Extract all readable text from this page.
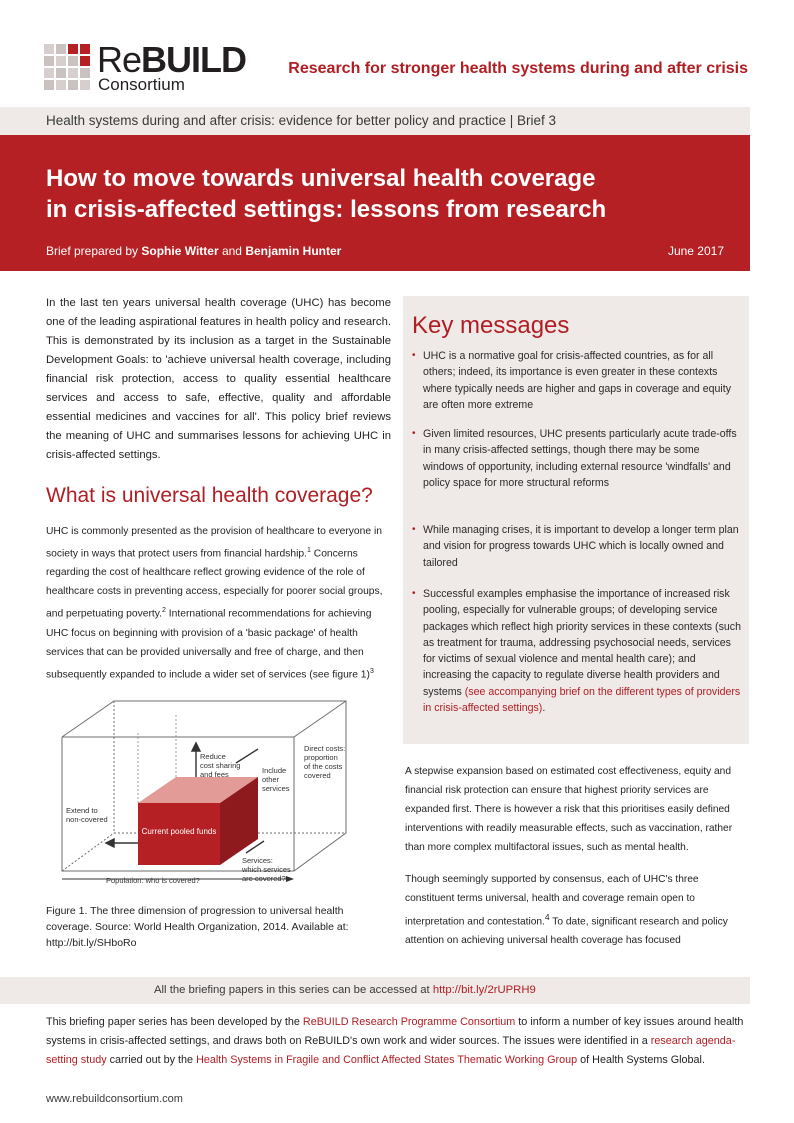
ReBUILD
Consortium
Research for stronger health systems during and after crisis
Health systems during and after crisis: evidence for better policy and practice | Brief 3
How to move towards universal health coverage
in crisis-affected settings: lessons from research
Brief prepared by Sophie Witter and Benjamin Hunter	June 2017
In the last ten years universal health coverage (UHC) has become one of the leading aspirational features in health policy and research. This is demonstrated by its inclusion as a target in the Sustainable Development Goals: to 'achieve universal health coverage, including financial risk protection, access to quality essential healthcare services and access to safe, effective, quality and affordable essential medicines and vaccines for all'. This policy brief reviews the meaning of UHC and summarises lessons for achieving UHC in crisis-affected settings.
What is universal health coverage?
UHC is commonly presented as the provision of healthcare to everyone in society in ways that protect users from financial hardship.$^1$ Concerns regarding the cost of healthcare reflect growing evidence of the role of healthcare costs in preventing access, especially for poorer social groups, and perpetuating poverty.$^2$ International recommendations for achieving UHC focus on beginning with provision of a 'basic package' of health services that can be provided universally and free of charge, and then subsequently expanded to include a wider set of services (see figure 1)$^3$
Reduce cost sharing and fees	Include other services
Direct costs: proportion of the costs covered
Extend to non-covered
Services: which services are covered?
Population: who is covered?
Current pooled funds
Figure 1. The three dimension of progression to universal health coverage. Source: World Health Organization, 2014. Available at: http://bit.ly/SHboRo
Key messages
• UHC is a normative goal for crisis-affected countries, as for all others; indeed, its importance is even greater in these contexts where typically needs are higher and gaps in coverage and equity are often more extreme
• Given limited resources, UHC presents particularly acute trade-offs in many crisis-affected settings, though there may be some windows of opportunity, including external resource 'windfalls' and policy space for more structural reforms
• While managing crises, it is important to develop a longer term plan and vision for progress towards UHC which is locally owned and tailored
• Successful examples emphasise the importance of increased risk pooling, especially for vulnerable groups; of developing service packages which reflect high priority services in these contexts (such as treatment for trauma, addressing psychosocial needs, services for victims of sexual violence and mental health care); and increasing the capacity to regulate diverse health providers and systems (see accompanying brief on the different types of providers in crisis-affected settings).
A stepwise expansion based on estimated cost effectiveness, equity and financial risk protection can ensure that highest priority services are expanded first. There is however a risk that this prioritises easily defined interventions with readily measurable effects, such as vaccination, rather than more complex multifactoral issues, such as mental health.
Though seemingly supported by consensus, each of UHC's three constituent terms universal, health and coverage remain open to interpretation and contestation.$^4$ To date, significant research and policy attention on achieving universal health coverage has focused
All the briefing papers in this series can be accessed at http://bit.ly/2rUPRH9
This briefing paper series has been developed by the ReBUILD Research Programme Consortium to inform a number of key issues around health systems in crisis-affected settings, and draws both on ReBUILD's own work and wider sources. The issues were identified in a research agenda-setting study carried out by the Health Systems in Fragile and Conflict Affected States Thematic Working Group of Health Systems Global.
www.rebuildconsortium.com
